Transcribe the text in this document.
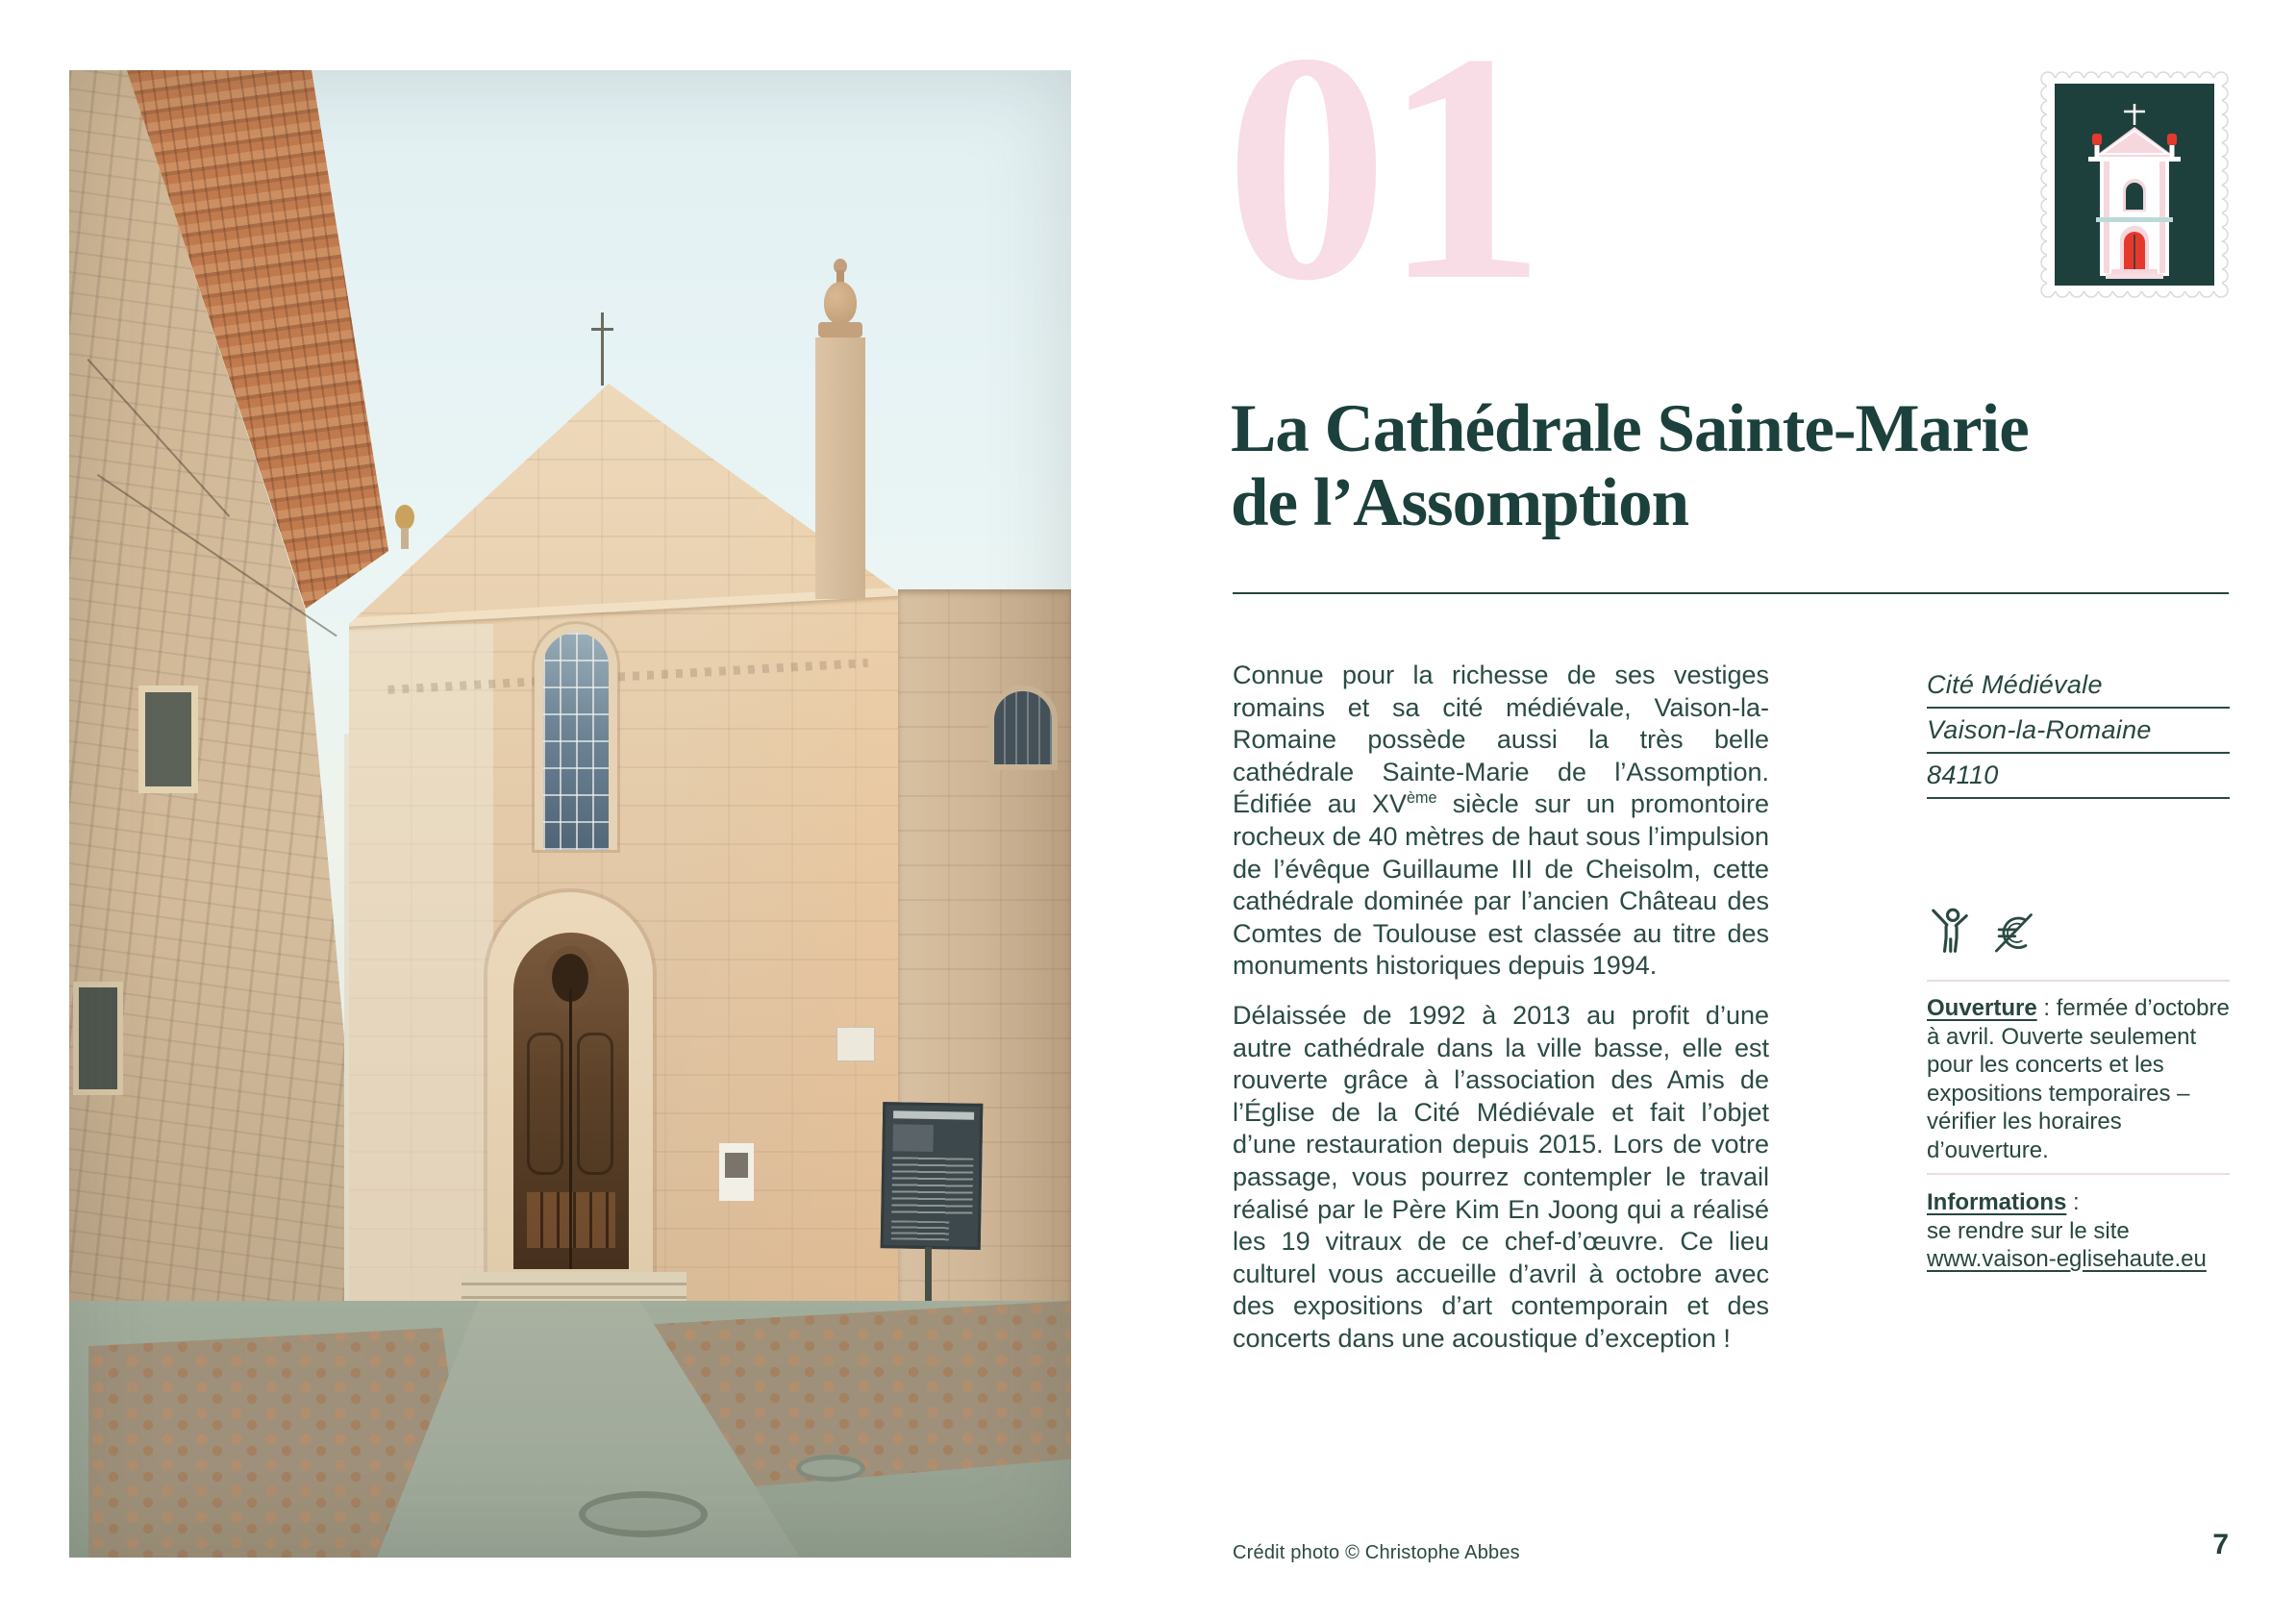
01
La Cathédrale Sainte-Marie
de l’Assomption

Connue pour la richesse de ses vestiges romains et sa cité médiévale, Vaison-la-Romaine possède aussi la très belle cathédrale Sainte-Marie de l’Assomption. Édifiée au XVème siècle sur un promontoire rocheux de 40 mètres de haut sous l’impulsion de l’évêque Guillaume III de Cheisolm, cette cathédrale dominée par l’ancien Château des Comtes de Toulouse est classée au titre des monuments historiques depuis 1994.

Délaissée de 1992 à 2013 au profit d’une autre cathédrale dans la ville basse, elle est rouverte grâce à l’association des Amis de l’Église de la Cité Médiévale et fait l’objet d’une restauration depuis 2015. Lors de votre passage, vous pourrez contempler le travail réalisé par le Père Kim En Joong qui a réalisé les 19 vitraux de ce chef-d’œuvre. Ce lieu culturel vous accueille d’avril à octobre avec des expositions d’art contemporain et des concerts dans une acoustique d’exception !

Cité Médiévale
Vaison-la-Romaine
84110

Ouverture : fermée d’octobre à avril. Ouverte seulement pour les concerts et les expositions temporaires – vérifier les horaires d’ouverture.

Informations :
se rendre sur le site
www.vaison-eglisehaute.eu

Crédit photo © Christophe Abbes	7
